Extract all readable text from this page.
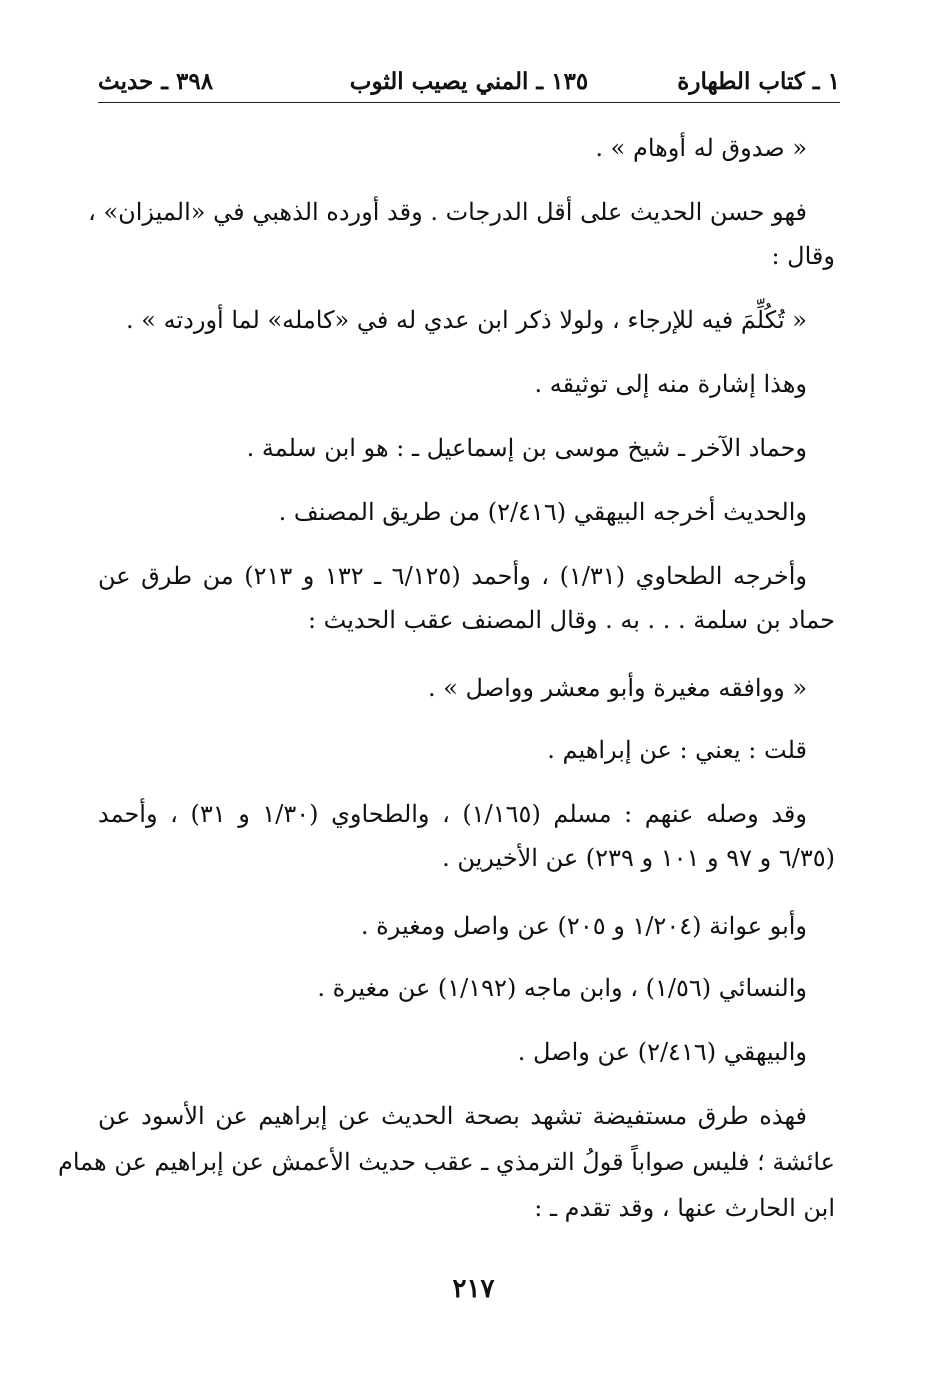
١ ـ كتاب الطهارة
١٣٥ ـ المني يصيب الثوب
٣٩٨ ـ حديث

« صدوق له أوهام » .

فهو حسن الحديث على أقل الدرجات . وقد أورده الذهبي في «الميزان» ،

وقال :

« تُكُلِّمَ فيه للإرجاء ، ولولا ذكر ابن عدي له في «كامله» لما أوردته » .

وهذا إشارة منه إلى توثيقه .

وحماد الآخر ـ شيخ موسى بن إسماعيل ـ : هو ابن سلمة .

والحديث أخرجه البيهقي (٢/٤١٦) من طريق المصنف .

وأخرجه الطحاوي (١/٣١) ، وأحمد (٦/١٢٥ ـ ١٣٢ و ٢١٣) من طرق عن

حماد بن سلمة . . . به . وقال المصنف عقب الحديث :

« ووافقه مغيرة وأبو معشر وواصل » .

قلت : يعني : عن إبراهيم .

وقد وصله عنهم : مسلم (١/١٦٥) ، والطحاوي (١/٣٠ و ٣١) ، وأحمد

(٦/٣٥ و ٩٧ و ١٠١ و ٢٣٩) عن الأخيرين .

وأبو عوانة (١/٢٠٤ و ٢٠٥) عن واصل ومغيرة .

والنسائي (١/٥٦) ، وابن ماجه (١/١٩٢) عن مغيرة .

والبيهقي (٢/٤١٦) عن واصل .

فهذه طرق مستفيضة تشهد بصحة الحديث عن إبراهيم عن الأسود عن

عائشة ؛ فليس صواباً قولُ الترمذي ـ عقب حديث الأعمش عن إبراهيم عن همام

ابن الحارث عنها ، وقد تقدم ـ :

٢١٧
